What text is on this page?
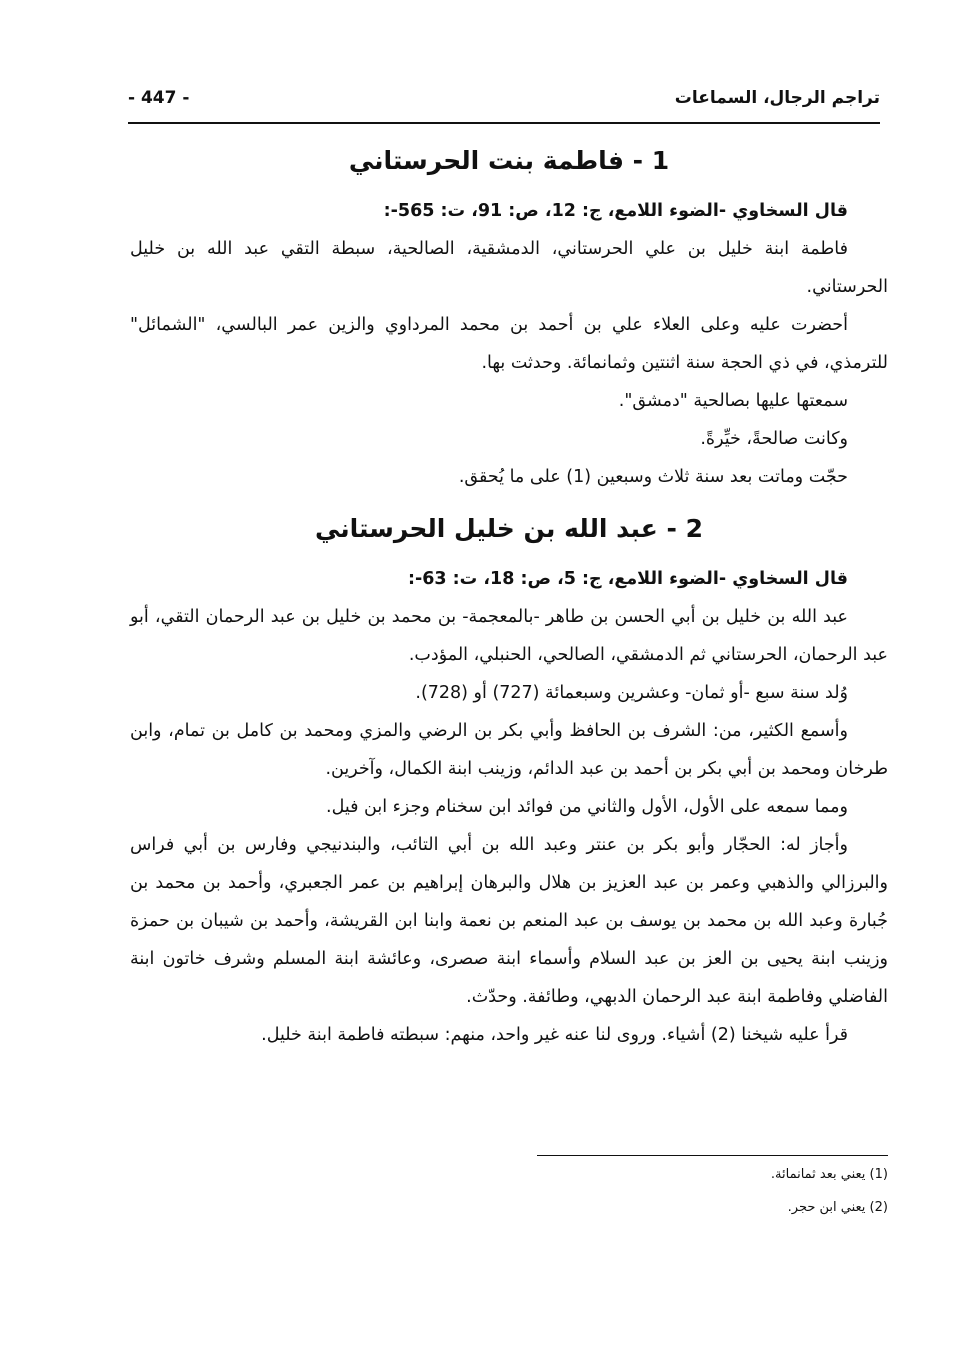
تراجم الرجال، السماعات
- 447 -

1 - فاطمة بنت الحرستاني

قال السخاوي -الضوء اللامع، ج: 12، ص: 91، ت: 565-:

فاطمة ابنة خليل بن علي الحرستاني، الدمشقية، الصالحية، سبطة التقي عبد الله بن خليل الحرستاني.

أحضرت عليه وعلى العلاء علي بن أحمد بن محمد المرداوي والزين عمر البالسي، "الشمائل" للترمذي، في ذي الحجة سنة اثنتين وثمانمائة. وحدثت بها.

سمعتها عليها بصالحية "دمشق".

وكانت صالحةً، خيِّرةً.

حجّت وماتت بعد سنة ثلاث وسبعين (1) على ما يُحقق.

2 - عبد الله بن خليل الحرستاني

قال السخاوي -الضوء اللامع، ج: 5، ص: 18، ت: 63-:

عبد الله بن خليل بن أبي الحسن بن طاهر -بالمعجمة- بن محمد بن خليل بن عبد الرحمان التقي، أبو عبد الرحمان، الحرستاني ثم الدمشقي، الصالحي، الحنبلي، المؤدب.

وُلد سنة سبع -أو ثمان- وعشرين وسبعمائة (727) أو (728).

وأسمع الكثير، من: الشرف بن الحافظ وأبي بكر بن الرضي والمزي ومحمد بن كامل بن تمام، وابن طرخان ومحمد بن أبي بكر بن أحمد بن عبد الدائم، وزينب ابنة الكمال، وآخرين.

ومما سمعه على الأول، الأول والثاني من فوائد ابن سخنام وجزء ابن فيل.

وأجاز له: الحجّار وأبو بكر بن عنتر وعبد الله بن أبي التائب، والبندنيجي وفارس بن أبي فراس والبرزالي والذهبي وعمر بن عبد العزيز بن هلال والبرهان إبراهيم بن عمر الجعبري، وأحمد بن محمد بن جُبارة وعبد الله بن محمد بن يوسف بن عبد المنعم بن نعمة وابنا ابن القريشة، وأحمد بن شيبان بن حمزة وزينب ابنة يحيى بن العز بن عبد السلام وأسماء ابنة صصرى، وعائشة ابنة المسلم وشرف خاتون ابنة الفاضلي وفاطمة ابنة عبد الرحمان الدبهي، وطائفة. وحدّث.

قرأ عليه شيخنا (2) أشياء. وروى لنا عنه غير واحد، منهم: سبطته فاطمة ابنة خليل.

(1) يعني بعد ثمانمائة.

(2) يعني ابن حجر.
